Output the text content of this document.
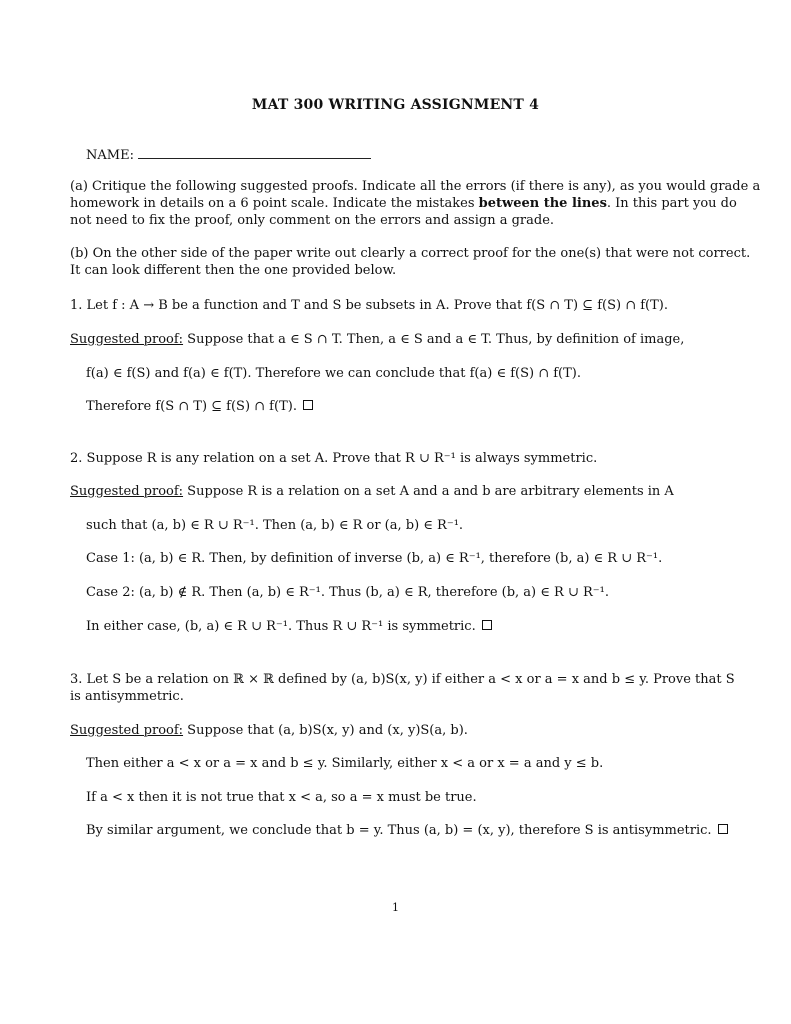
MAT 300 WRITING ASSIGNMENT 4
NAME:
(a) Critique the following suggested proofs. Indicate all the errors (if there is any), as you would grade a
homework in details on a 6 point scale. Indicate the mistakes between the lines. In this part you do
not need to fix the proof, only comment on the errors and assign a grade.
(b) On the other side of the paper write out clearly a correct proof for the one(s) that were not correct.
It can look different then the one provided below.
1. Let f : A → B be a function and T and S be subsets in A. Prove that f(S ∩ T) ⊆ f(S) ∩ f(T).
Suggested proof: Suppose that a ∈ S ∩ T. Then, a ∈ S and a ∈ T. Thus, by definition of image,
f(a) ∈ f(S) and f(a) ∈ f(T). Therefore we can conclude that f(a) ∈ f(S) ∩ f(T).
Therefore f(S ∩ T) ⊆ f(S) ∩ f(T).
2. Suppose R is any relation on a set A. Prove that R ∪ R⁻¹ is always symmetric.
Suggested proof: Suppose R is a relation on a set A and a and b are arbitrary elements in A
such that (a, b) ∈ R ∪ R⁻¹. Then (a, b) ∈ R or (a, b) ∈ R⁻¹.
Case 1: (a, b) ∈ R. Then, by definition of inverse (b, a) ∈ R⁻¹, therefore (b, a) ∈ R ∪ R⁻¹.
Case 2: (a, b) ∉ R. Then (a, b) ∈ R⁻¹. Thus (b, a) ∈ R, therefore (b, a) ∈ R ∪ R⁻¹.
In either case, (b, a) ∈ R ∪ R⁻¹. Thus R ∪ R⁻¹ is symmetric.
3. Let S be a relation on ℝ × ℝ defined by (a, b)S(x, y) if either a < x or a = x and b ≤ y. Prove that S
is antisymmetric.
Suggested proof: Suppose that (a, b)S(x, y) and (x, y)S(a, b).
Then either a < x or a = x and b ≤ y. Similarly, either x < a or x = a and y ≤ b.
If a < x then it is not true that x < a, so a = x must be true.
By similar argument, we conclude that b = y. Thus (a, b) = (x, y), therefore S is antisymmetric.
1
